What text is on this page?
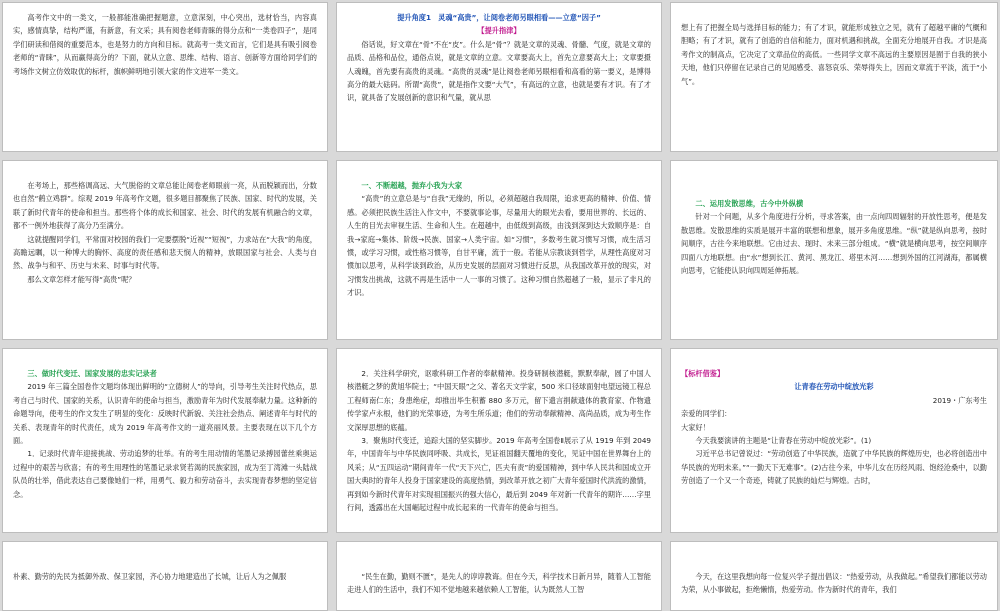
高考作文中的一类文，一般都能准确把握题意，立意深刻，中心突出，选材恰当，内容真实，感情真挚，结构严谨，有新意，有文采；具有阅卷老师青睐的得分点和“一类卷四子”，是同学们研读和借阅的重要范本，也是努力的方向和目标。就高考一类文而言，它们是具有吸引阅卷老师的“青睐”，从而赢得高分的？下面，就从立意、思维、结构、语言、创新等方面给同学们的考场作文树立仿效取优的标杆，旗帜鲜明地引领大家的作文进军一类文。

提升角度1　灵魂“高贵”，让阅卷老师另眼相看——立意“因子”

【提升指津】

俗话说，好文章在“骨”不在“皮”。什么是“骨”？就是文章的灵魂、骨髓、气度，就是文章的品质、品格和品位，通俗点说，就是文章的立意。文章要高大上，首先立意要高大上；文章要摄人魂魄，首先要有高贵的灵魂。“高贵的灵魂”是让阅卷老师另眼相看和高看的第一要义，是博得高分的最大砝码。所谓“高贵”，就是指作文要“大气”，有高远的立意，也就是要有才识。有了才识，就具备了发展创新的意识和气量，就从思

想上有了把握全局与选择目标的能力；有了才识，就能形成独立之见，就有了超越平庸的气概和胆略；有了才识，就有了创造的自信和能力，面对机遇和挑战，全面充分地展开自我。才识是高考作文的制高点，它决定了文章品位的高低。一些同学文章不高远的主要原因是囿于自我的狭小天地，他们只停留在记录自己的见闻感受、喜怒哀乐、荣辱得失上，因而文章流于平淡，流于“小气”。

在考场上，那些格调高远、大气脱俗的文章总能让阅卷老师眼前一亮，从而脱颖而出，分数也自然“鹤立鸡群”。综观 2019 年高考作文题，很多题目都聚焦了民族、国家、时代的发展，关联了新时代青年的使命和担当。那些将个体的成长和国家、社会、时代的发展有机融合的文章，都不一例外地获得了高分乃至满分。

这就提醒同学们，平常面对校园的我们一定要摆脱“近视”“短视”，力求站在“大我”的角度，高瞻远瞩，以一种博大的胸怀、高度的责任感和悲天悯人的精神，放眼国家与社会、人类与自然、战争与和平、历史与未来、时事与时代等。

那么文章怎样才能写得“高贵”呢？

一、不断超越，抛弃小我为大家

“高贵”的立意总是与“自我”无缘的，所以，必须超越自我局限，追求更高的精神、价值、情感。必须把民族生活注入作文中，不要就事论事，尽量用大的眼光去看，要用世界的、长远的、人生的目光去审视生活、生命和人生。在超越中，由低级到高级，由浅到深到达大致顺序是：自我→家庭→集体、阶级→民族、国家→人类宇宙。如“习惯”，多数考生就习惯写习惯，成生活习惯，或学习习惯，或性格习惯等，自甘平庸，流于一般。若能从宗教谈到哲学，从理性高度对习惯加以思考，从科学谈到政治，从历史发展的层面对习惯进行反思，从我国改革开放的现实，对习惯发出挑战，这就不再是生活中一人一事的习惯了。这种习惯自然超越了一般，显示了非凡的才识。

二、运用发散思维，古今中外纵横

针对一个问题，从多个角度进行分析，寻求答案，由一点向四周辐射的开放性思考，便是发散思维。发散思维的实质是展开丰富的联想和想象，展开多角度思维。“纵”就是纵向思考，按时间顺序，古往今来地联想。它由过去、现时、未来三部分组成。“横”就是横向思考，按空间顺序四面八方地联想。由“水”想到长江、黄河、黑龙江、塔里木河……想到外国的江河湖海，都属横向思考，它能使认识向四周延伸拓展。

三、做时代变迁、国家发展的忠实记录者

2019 年三篇全国卷作文题均体现出鲜明的“立德树人”的导向，引导考生关注时代热点，思考自己与时代、国家的关系，认识青年的使命与担当，激励青年为时代发展奉献力量。这种新的命题导向，使考生的作文发生了明显的变化：反映时代新貌、关注社会热点、阐述青年与时代的关系、表现青年的时代责任，成为 2019 年高考作文的一道亮丽风景。主要表现在以下几个方面。

1．记录时代青年迎接挑战、劳动追梦的壮举。有的考生用动情的笔墨记录搏园蕾丝乘奥运过程中的艰苦与欣喜；有的考生用理性的笔墨记录求贤若渴的民族家园，成为至丁湾滩一头陆战队员的壮举，借此表达自己要像她们一样，用勇气、毅力和劳动奋斗，去实现青春梦想的坚定信念。

2．关注科学研究，讴歌科研工作者的奉献精神。投身研制核潜艇，默默奉献，圆了中国人核潜艇之梦的黄旭华院士；“中国天眼”之父、著名天文学家，500 米口径球面射电望远镜工程总工程师南仁东；身患绝症，却推出毕生积蓄 880 多万元，留下遗言捐献遗体的教育家、作物遗传学家卢永根，他们的光荣事迹，为考生所乐道；他们的劳动奉献精神、高尚品质，成为考生作文深厚思想的底蕴。

3．聚焦时代变迁，追踪大国的坚实脚步。2019 年高考全国卷Ⅱ展示了从 1919 年到 2049 年，中国青年与中华民族同呼吸、共成长，见证祖国翻天覆地的变化，见证中国在世界舞台上的风采；从“五四运动”期间青年一代“天下兴亡，匹夫有责”的爱国精神，到中华人民共和国成立开国大典时的青年人投身于国家建设的高度热情，到改革开放之初广大青年爱国时代洪流的激情，再到如今新时代青年对实现祖国振兴的强大信心，最后到 2049 年对新一代青年的期许……字里行间，透露出在大国崛起过程中成长起来的一代青年的使命与担当。

【标杆借鉴】

让青春在劳动中绽放光彩

2019・广东考生

亲爱的同学们：

大家好！

今天我要演讲的主题是“让青春在劳动中绽放光彩”。(1)

习近平总书记曾说过：“劳动创造了中华民族，造就了中华民族的辉煌历史，也必将创造出中华民族的光明未来。”“一勤天下无难事”。(2)古往今来，中华儿女在历经风雨、饱经沧桑中，以勤劳创造了一个又一个奇迹，铸就了民族的灿烂与辉煌。古时，

朴素、勤劳的先民为抵御外敌、保卫家园，齐心协力地建造出了长城，让后人为之佩服	“民生在勤，勤则不匮”，是先人的谆谆教诲。但在今天，科学技术日新月异，随着人工智能走进人们的生活中，我们不知不觉地越来越依赖人工智能，认为既然人工智

今天，在这里我想向每一位复兴学子提出倡议：“热爱劳动，从我做起。”希望我们都能以劳动为荣，从小事做起，拒绝懒惰，热爱劳动。作为新时代的青年，我们
